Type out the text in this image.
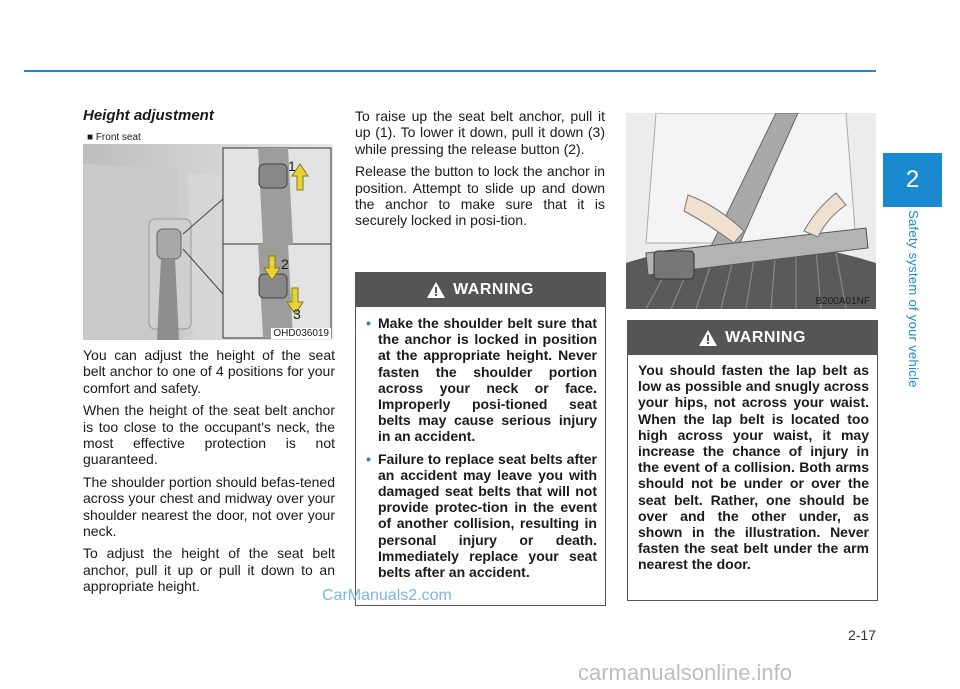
2
Safety system of your vehicle
Height adjustment
■ Front seat
1
2
3
OHD036019

You can adjust the height of the seat belt anchor to one of 4 positions for your comfort and safety.

When the height of the seat belt anchor is too close to the occupant's neck, the most effective protection is not guaranteed.

The shoulder portion should befas-tened across your chest and midway over your shoulder nearest the door, not over your neck.

To adjust the height of the seat belt anchor, pull it up or pull it down to an appropriate height.

To raise up the seat belt anchor, pull it up (1). To lower it down, pull it down (3) while pressing the release button (2).

Release the button to lock the anchor in position. Attempt to slide up and down the anchor to make sure that it is securely locked in posi-tion.

WARNING
• Make the shoulder belt sure that the anchor is locked in position at the appropriate height. Never fasten the shoulder portion across your neck or face. Improperly posi-tioned seat belts may cause serious injury in an accident.
• Failure to replace seat belts after an accident may leave you with damaged seat belts that will not provide protec-tion in the event of another collision, resulting in personal injury or death. Immediately replace your seat belts after an accident.
B200A01NF
WARNING

You should fasten the lap belt as low as possible and snugly across your hips, not across your waist. When the lap belt is located too high across your waist, it may increase the chance of injury in the event of a collision. Both arms should not be under or over the seat belt. Rather, one should be over and the other under, as shown in the illustration. Never fasten the seat belt under the arm nearest the door.

2-17
CarManuals2.com
carmanualsonline.info
